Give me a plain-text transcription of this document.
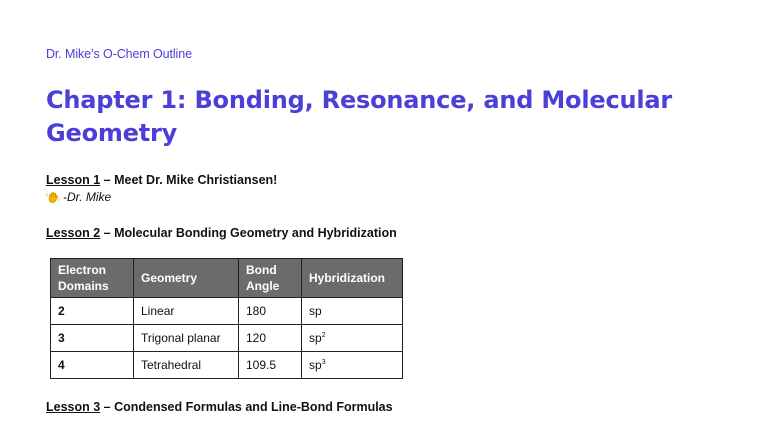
Dr. Mike’s O-Chem Outline
Chapter 1: Bonding, Resonance, and Molecular Geometry
Lesson 1 – Meet Dr. Mike Christiansen!
-Dr. Mike
Lesson 2 – Molecular Bonding Geometry and Hybridization
Electron Domains	Geometry	Bond Angle	Hybridization
2	Linear	180	sp
3	Trigonal planar	120	$sp^2$
4	Tetrahedral	109.5	$sp^3$
Lesson 3 – Condensed Formulas and Line-Bond Formulas
